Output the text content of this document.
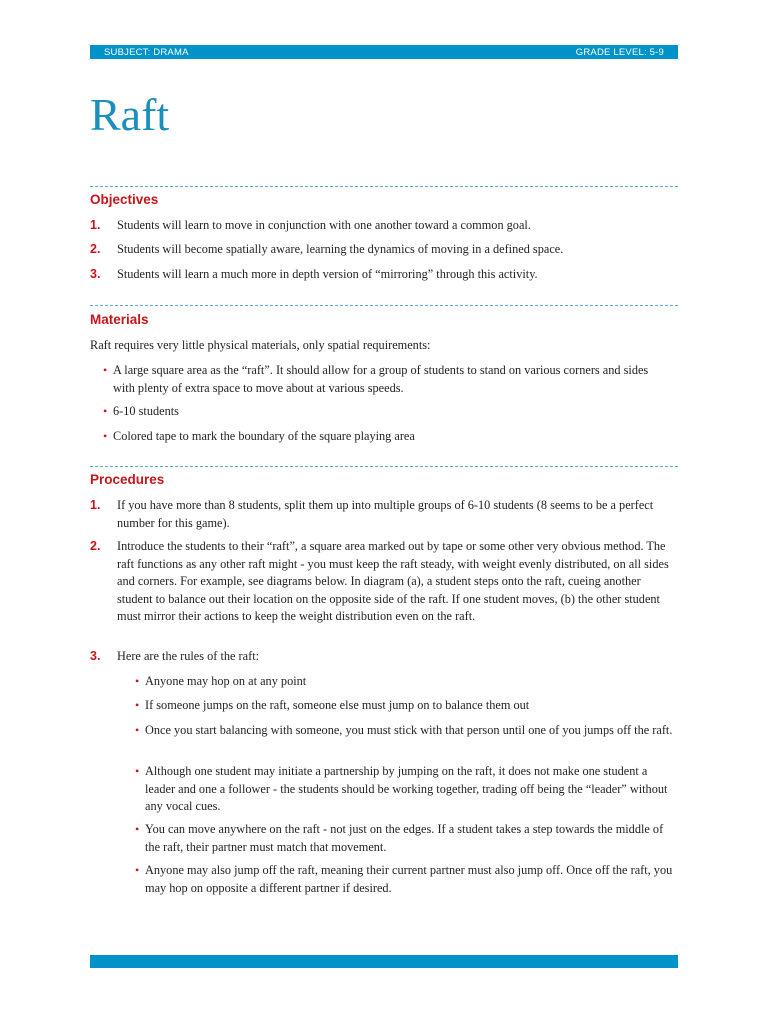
SUBJECT: DRAMA	GRADE LEVEL: 5-9
Raft
Objectives
1. Students will learn to move in conjunction with one another toward a common goal.
2. Students will become spatially aware, learning the dynamics of moving in a defined space.
3. Students will learn a much more in depth version of “mirroring” through this activity.
Materials
Raft requires very little physical materials, only spatial requirements:
• A large square area as the “raft”. It should allow for a group of students to stand on various corners and sides with plenty of extra space to move about at various speeds.
• 6-10 students
• Colored tape to mark the boundary of the square playing area
Procedures
1. If you have more than 8 students, split them up into multiple groups of 6-10 students (8 seems to be a perfect number for this game).
2. Introduce the students to their “raft”, a square area marked out by tape or some other very obvious method. The raft functions as any other raft might - you must keep the raft steady, with weight evenly distributed, on all sides and corners. For example, see diagrams below. In diagram (a), a student steps onto the raft, cueing another student to balance out their location on the opposite side of the raft. If one student moves, (b) the other student must mirror their actions to keep the weight distribution even on the raft.
3. Here are the rules of the raft:
• Anyone may hop on at any point
• If someone jumps on the raft, someone else must jump on to balance them out
• Once you start balancing with someone, you must stick with that person until one of you jumps off the raft.
• Although one student may initiate a partnership by jumping on the raft, it does not make one student a leader and one a follower - the students should be working together, trading off being the “leader” without any vocal cues.
• You can move anywhere on the raft - not just on the edges. If a student takes a step towards the middle of the raft, their partner must match that movement.
• Anyone may also jump off the raft, meaning their current partner must also jump off. Once off the raft, you may hop on opposite a different partner if desired.
